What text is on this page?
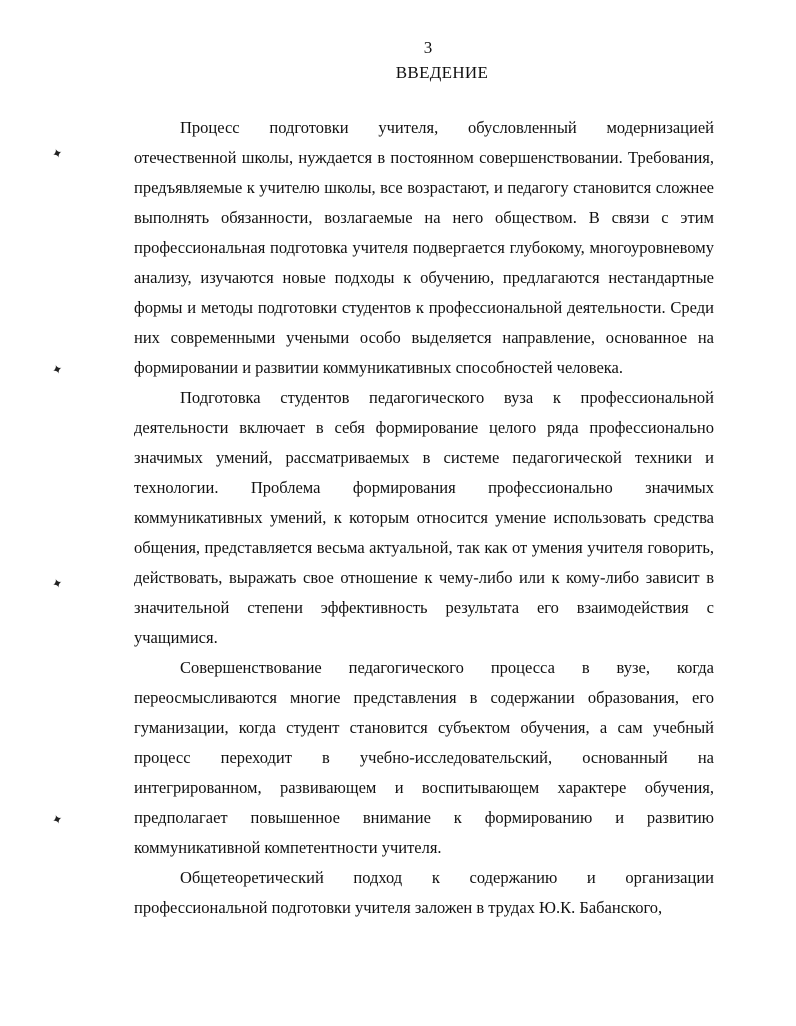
3
ВВЕДЕНИЕ
✦
✦
✦
✦

Процесс подготовки учителя, обусловленный модернизацией отечественной школы, нуждается в постоянном совершенствовании. Требования, предъявляемые к учителю школы, все возрастают, и педагогу становится сложнее выполнять обязанности, возлагаемые на него обществом. В связи с этим профессиональная подготовка учителя подвергается глубокому, многоуровневому анализу, изучаются новые подходы к обучению, предлагаются нестандартные формы и методы подготовки студентов к профессиональной деятельности. Среди них современными учеными особо выделяется направление, основанное на формировании и развитии коммуникативных способностей человека.

Подготовка студентов педагогического вуза к профессиональной деятельности включает в себя формирование целого ряда профессионально значимых умений, рассматриваемых в системе педагогической техники и технологии. Проблема формирования профессионально значимых коммуникативных умений, к которым относится умение использовать средства общения, представляется весьма актуальной, так как от умения учителя говорить, действовать, выражать свое отношение к чему-либо или к кому-либо зависит в значительной степени эффективность результата его взаимодействия с учащимися.

Совершенствование педагогического процесса в вузе, когда переосмысливаются многие представления в содержании образования, его гуманизации, когда студент становится субъектом обучения, а сам учебный процесс переходит в учебно-исследовательский, основанный на интегрированном, развивающем и воспитывающем характере обучения, предполагает повышенное внимание к формированию и развитию коммуникативной компетентности учителя.

Общетеоретический подход к содержанию и организации профессиональной подготовки учителя заложен в трудах Ю.К. Бабанского,
